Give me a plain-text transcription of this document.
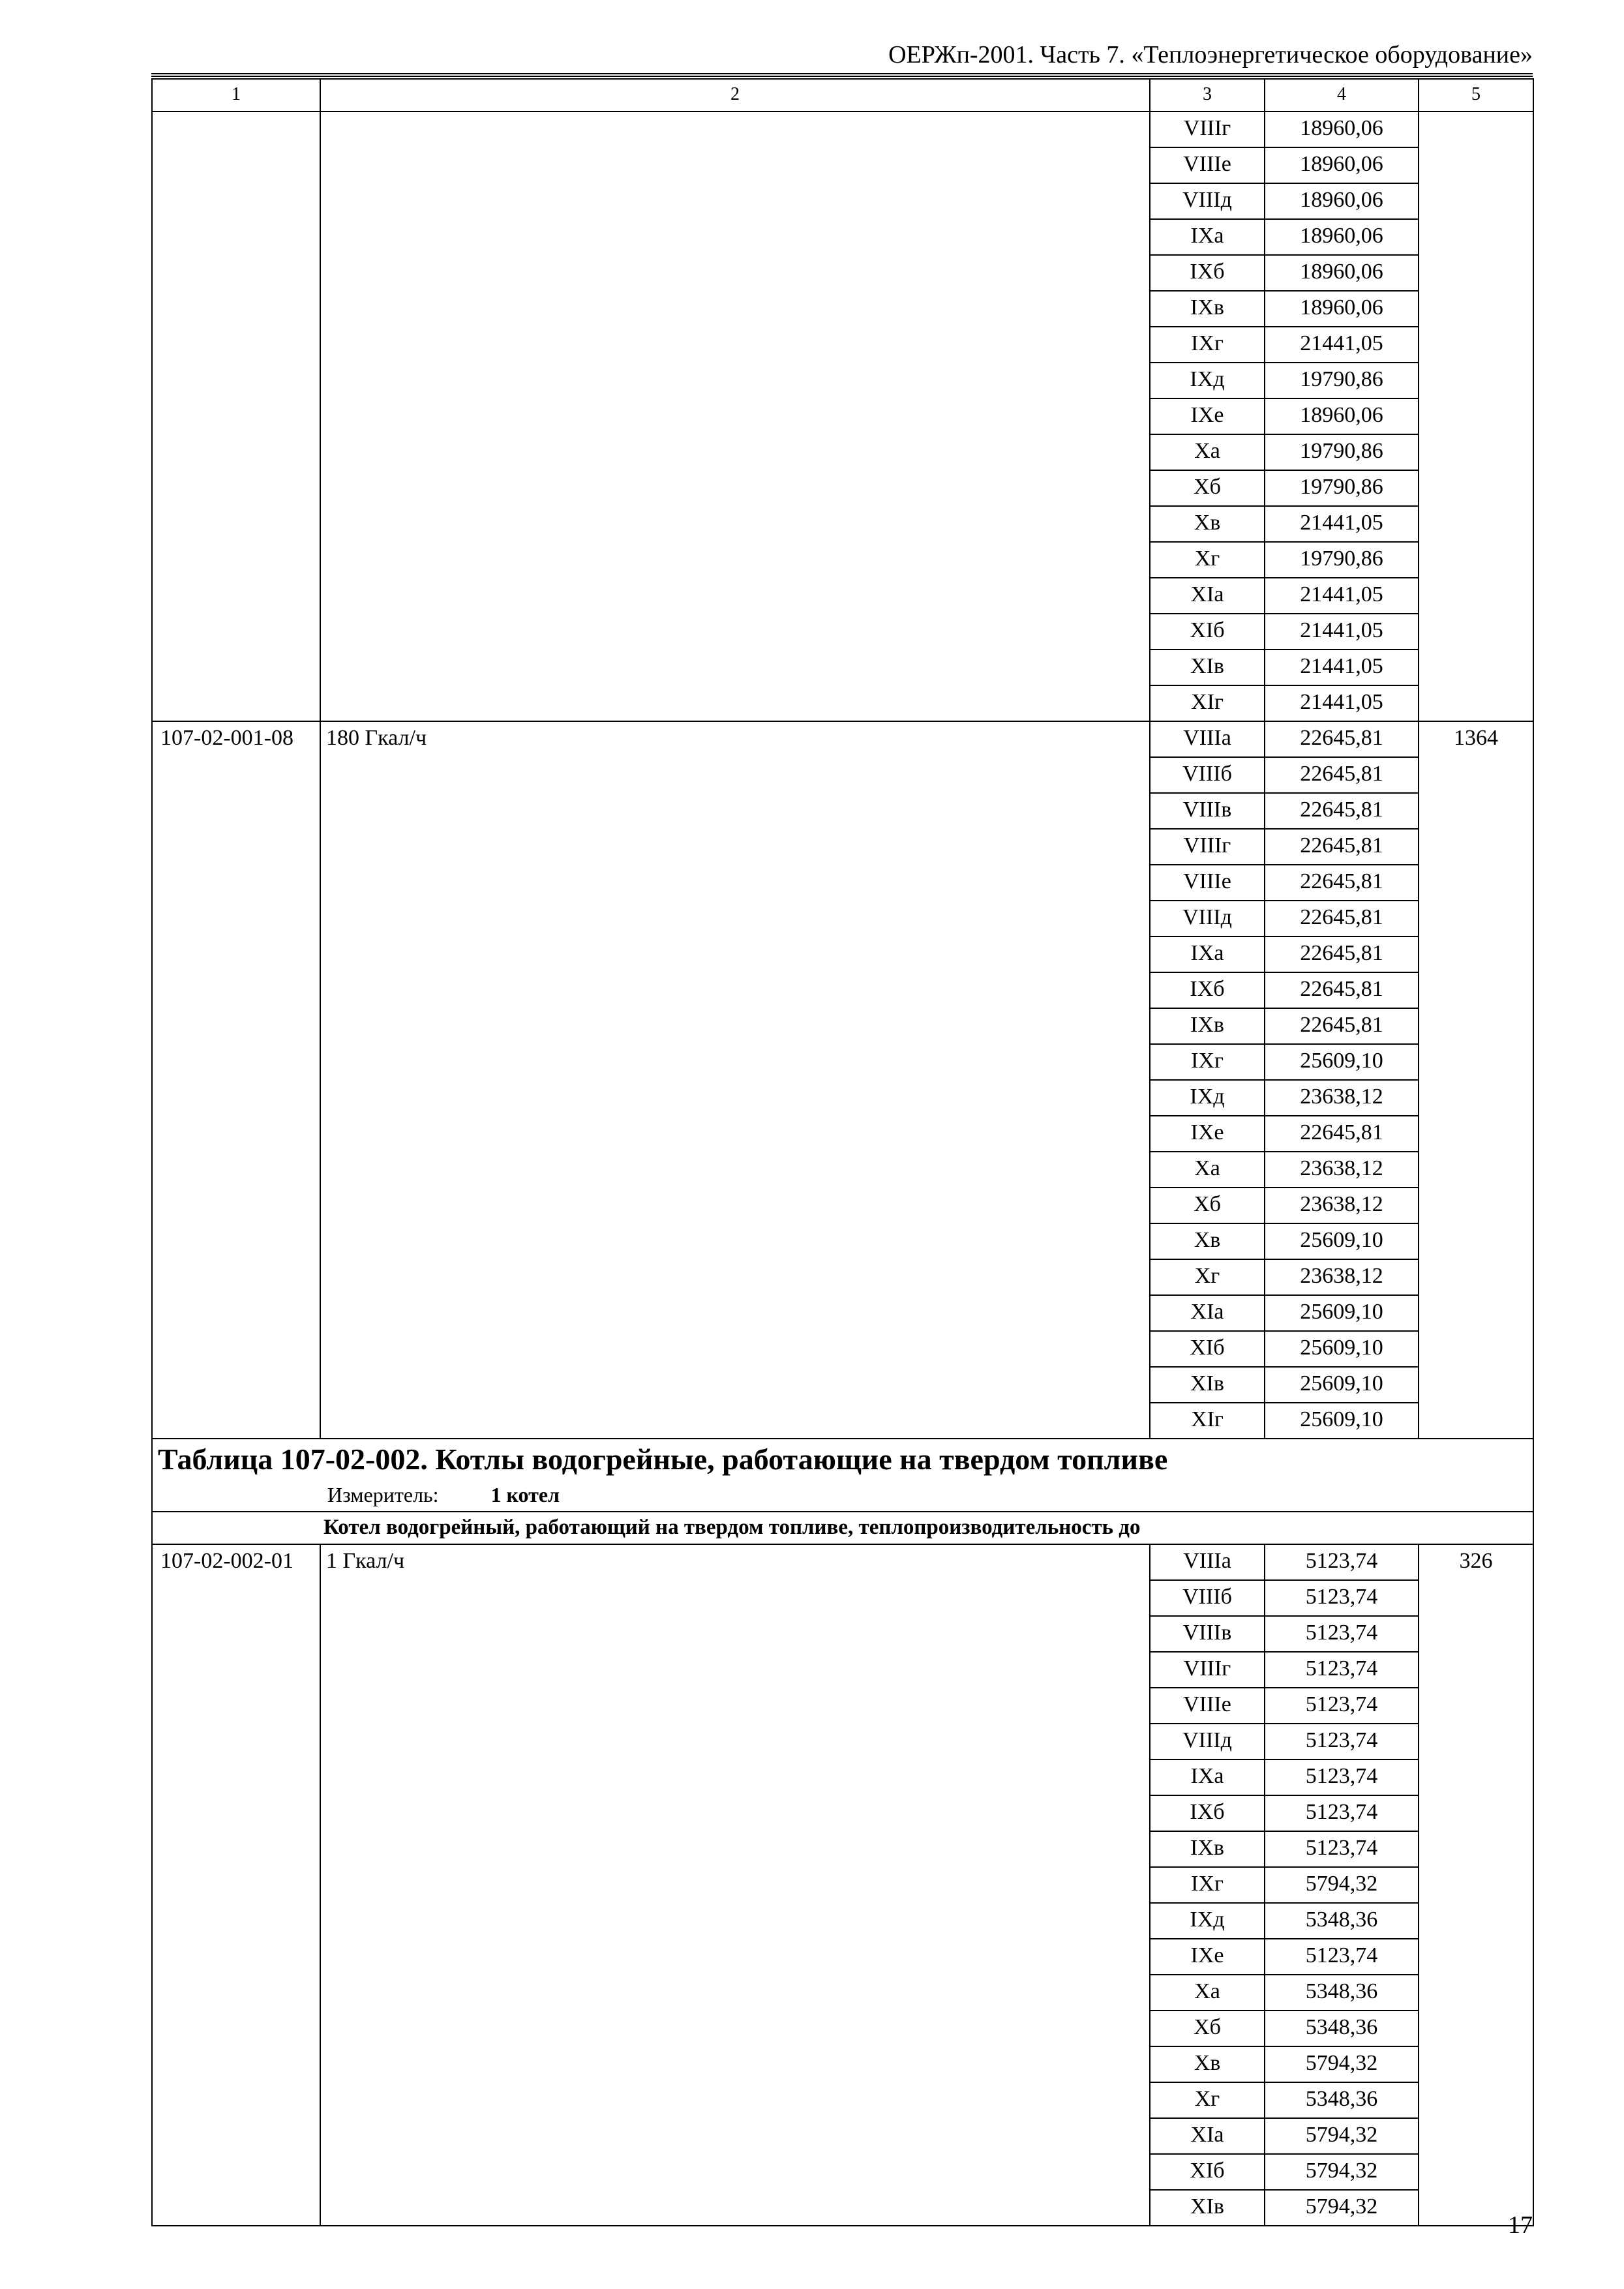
ОЕРЖп-2001. Часть 7. «Теплоэнергетическое оборудование»
1	2	3	4	5
		VIIIг	18960,06	
		VIIIе	18960,06	
		VIIIд	18960,06	
		IXа	18960,06	
		IXб	18960,06	
		IXв	18960,06	
		IXг	21441,05	
		IXд	19790,86	
		IXе	18960,06	
		Xа	19790,86	
		Xб	19790,86	
		Xв	21441,05	
		Xг	19790,86	
		XIа	21441,05	
		XIб	21441,05	
		XIв	21441,05	
		XIг	21441,05	
107-02-001-08	180 Гкал/ч	VIIIа	22645,81	1364
		VIIIб	22645,81	
		VIIIв	22645,81	
		VIIIг	22645,81	
		VIIIе	22645,81	
		VIIIд	22645,81	
		IXа	22645,81	
		IXб	22645,81	
		IXв	22645,81	
		IXг	25609,10	
		IXд	23638,12	
		IXе	22645,81	
		Xа	23638,12	
		Xб	23638,12	
		Xв	25609,10	
		Xг	23638,12	
		XIа	25609,10	
		XIб	25609,10	
		XIв	25609,10	
		XIг	25609,10	
Таблица 107-02-002. Котлы водогрейные, работающие на твердом топливе
Измеритель: 1 котел				

Котел водогрейный, работающий на твердом топливе, теплопроизводительность до				
107-02-002-01	1 Гкал/ч	VIIIа	5123,74	326
		VIIIб	5123,74	
		VIIIв	5123,74	
		VIIIг	5123,74	
		VIIIе	5123,74	
		VIIIд	5123,74	
		IXа	5123,74	
		IXб	5123,74	
		IXв	5123,74	
		IXг	5794,32	
		IXд	5348,36	
		IXе	5123,74	
		Xа	5348,36	
		Xб	5348,36	
		Xв	5794,32	
		Xг	5348,36	
		XIа	5794,32	
		XIб	5794,32	
		XIв	5794,32	
17
